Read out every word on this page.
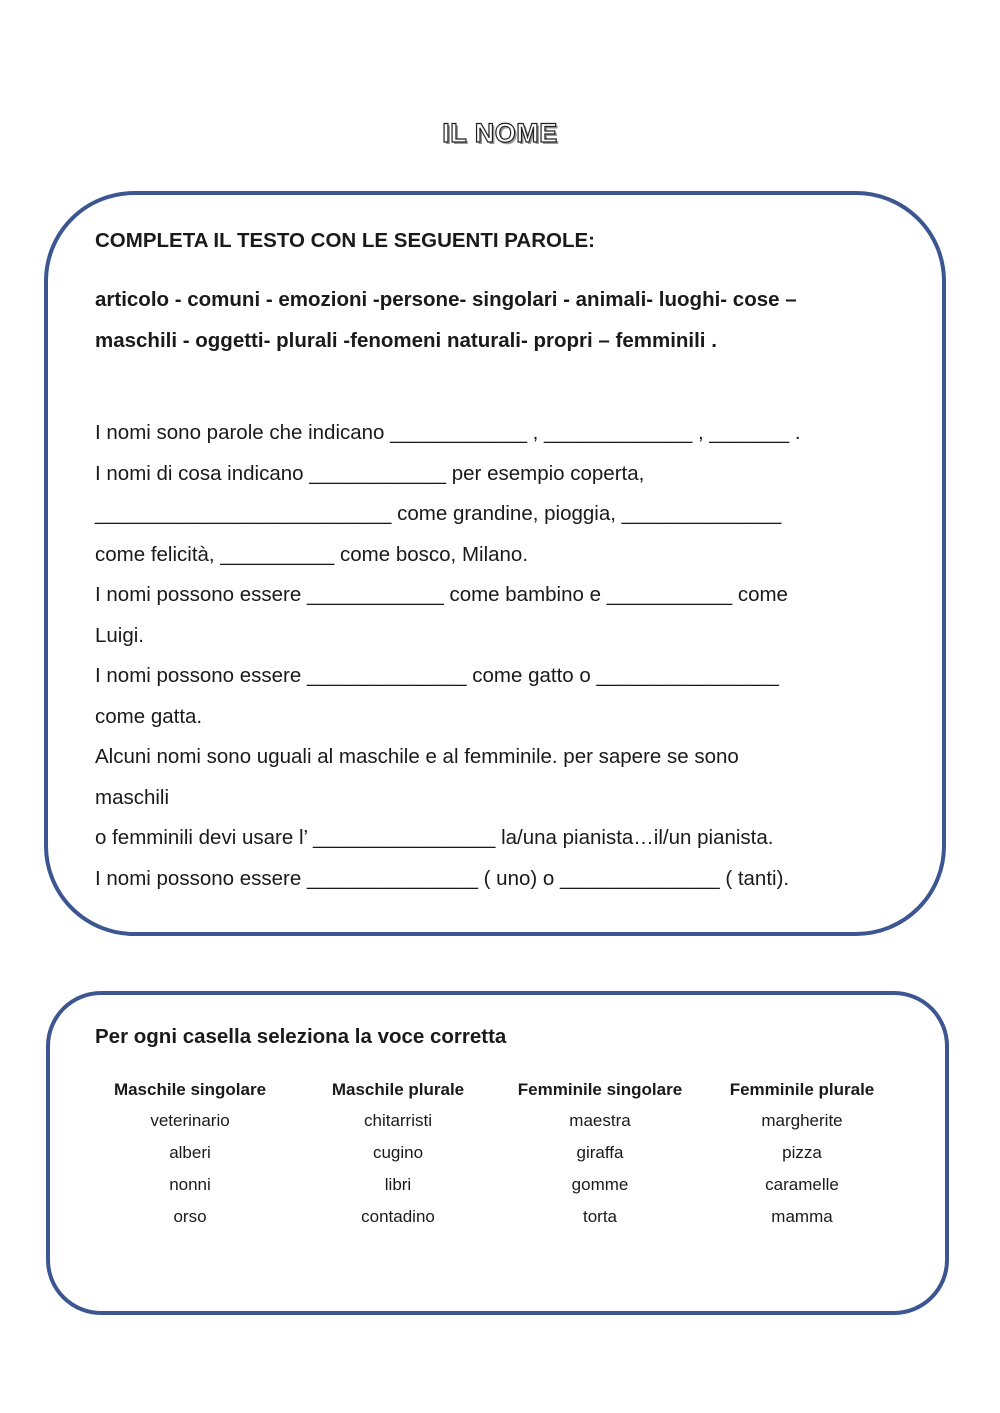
IL NOME

COMPLETA IL TESTO CON LE SEGUENTI PAROLE:

articolo - comuni - emozioni -persone- singolari - animali- luoghi- cose –
maschili - oggetti- plurali -fenomeni naturali- propri – femminili .

I nomi sono parole che indicano ____________ , _____________ , _______ .
I nomi di cosa indicano ____________ per esempio coperta,
__________________________ come grandine, pioggia, ______________
come felicità, __________ come bosco, Milano.
I nomi possono essere ____________ come bambino e ___________ come
Luigi.
I nomi possono essere ______________ come gatto o ________________
come gatta.
Alcuni nomi sono uguali al maschile e al femminile. per sapere se sono
maschili
o femminili devi usare l’ ________________ la/una pianista…il/un pianista.
I nomi possono essere _______________ ( uno) o ______________ ( tanti).

Per ogni casella seleziona la voce corretta

Maschile singolare
veterinario
alberi
nonni
orso
Maschile plurale
chitarristi
cugino
libri
contadino
Femminile singolare
maestra
giraffa
gomme
torta
Femminile plurale
margherite
pizza
caramelle
mamma
